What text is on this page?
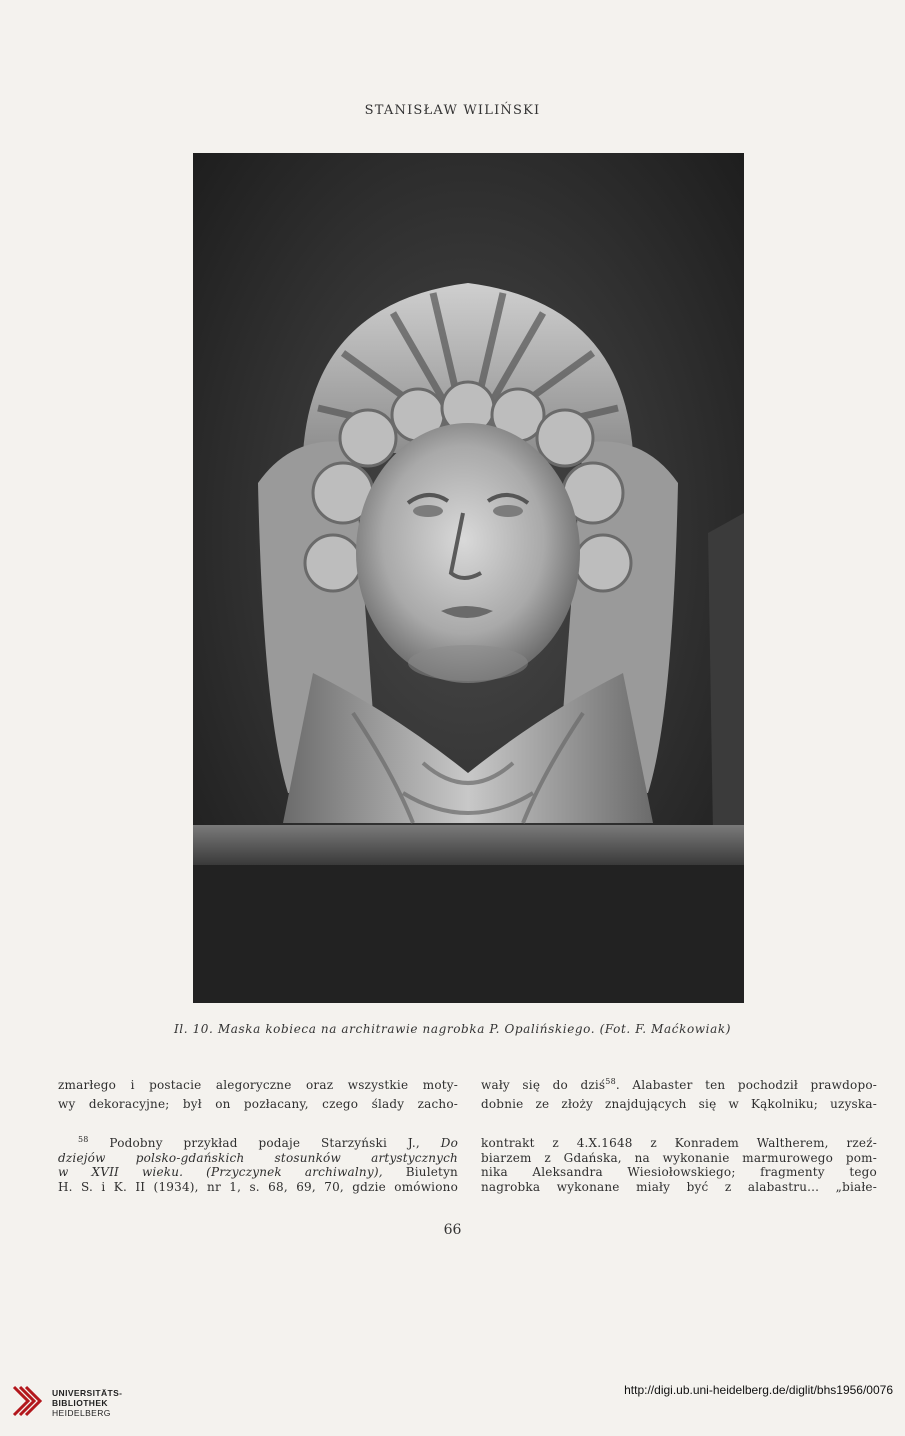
STANISŁAW WILIŃSKI
Il. 10. Maska kobieca na architrawie nagrobka P. Opalińskiego. (Fot. F. Maćkowiak)

zmarłego i postacie alegoryczne oraz wszystkie moty-

wy dekoracyjne; był on pozłacany, czego ślady zacho-

wały się do dziś$^{58}$. Alabaster ten pochodził prawdopo-

dobnie ze złoży znajdujących się w Kąkolniku; uzyska-

$^{58}$ Podobny przykład podaje Starzyński J., Do

dziejów polsko-gdańskich stosunków artystycznych

w XVII wieku. (Przyczynek archiwalny), Biuletyn

H. S. i K. II (1934), nr 1, s. 68, 69, 70, gdzie omówiono

kontrakt z 4.X.1648 z Konradem Waltherem, rzeź-

biarzem z Gdańska, na wykonanie marmurowego pom-

nika Aleksandra Wiesiołowskiego; fragmenty tego

nagrobka wykonane miały być z alabastru... „białe-

66
UNIVERSITÄTS-
BIBLIOTHEK
HEIDELBERG
http://digi.ub.uni-heidelberg.de/diglit/bhs1956/0076
